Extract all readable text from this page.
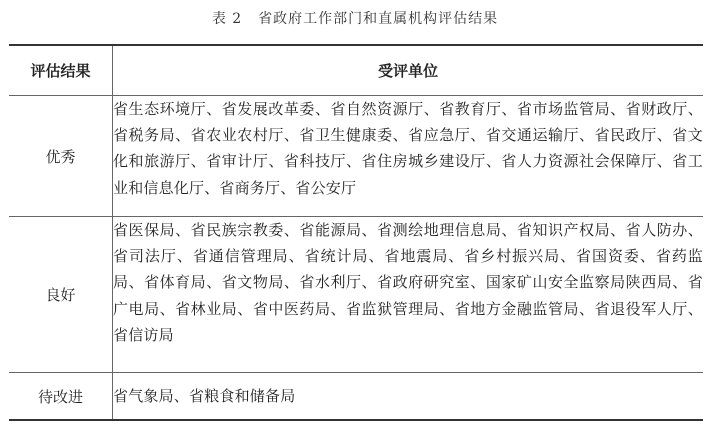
表 2 省政府工作部门和直属机构评估结果
评估结果	受评单位
优秀	省生态环境厅、省发展改革委、省自然资源厅、省教育厅、省市场监管局、省财政厅、省税务局、省农业农村厅、省卫生健康委、省应急厅、省交通运输厅、省民政厅、省文化和旅游厅、省审计厅、省科技厅、省住房城乡建设厅、省人力资源社会保障厅、省工业和信息化厅、省商务厅、省公安厅
良好	省医保局、省民族宗教委、省能源局、省测绘地理信息局、省知识产权局、省人防办、省司法厅、省通信管理局、省统计局、省地震局、省乡村振兴局、省国资委、省药监局、省体育局、省文物局、省水利厅、省政府研究室、国家矿山安全监察局陕西局、省广电局、省林业局、省中医药局、省监狱管理局、省地方金融监管局、省退役军人厅、省信访局
待改进	省气象局、省粮食和储备局
